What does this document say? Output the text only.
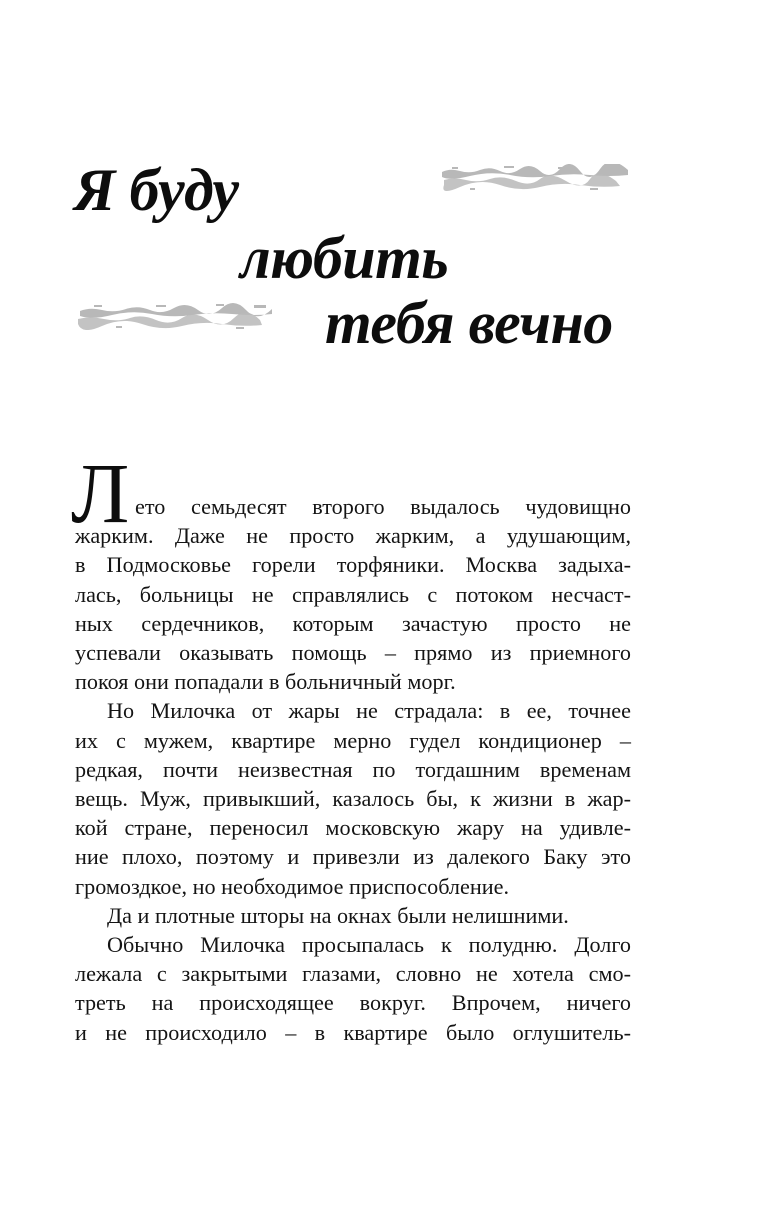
Я буду
любить
тебя вечно

Л ето семьдесят второго выдалось чудовищно
жарким. Даже не просто жарким, а удушающим,
в Подмосковье горели торфяники. Москва задыха-
лась, больницы не справлялись с потоком несчаст-
ных сердечников, которым зачастую просто не
успевали оказывать помощь – прямо из приемного
покоя они попадали в больничный морг.

Но Милочка от жары не страдала: в ее, точнее
их с мужем, квартире мерно гудел кондиционер –
редкая, почти неизвестная по тогдашним временам
вещь. Муж, привыкший, казалось бы, к жизни в жар-
кой стране, переносил московскую жару на удивле-
ние плохо, поэтому и привезли из далекого Баку это
громоздкое, но необходимое приспособление.

Да и плотные шторы на окнах были нелишними.

Обычно Милочка просыпалась к полудню. Долго
лежала с закрытыми глазами, словно не хотела смо-
треть на происходящее вокруг. Впрочем, ничего
и не происходило – в квартире было оглушитель-
